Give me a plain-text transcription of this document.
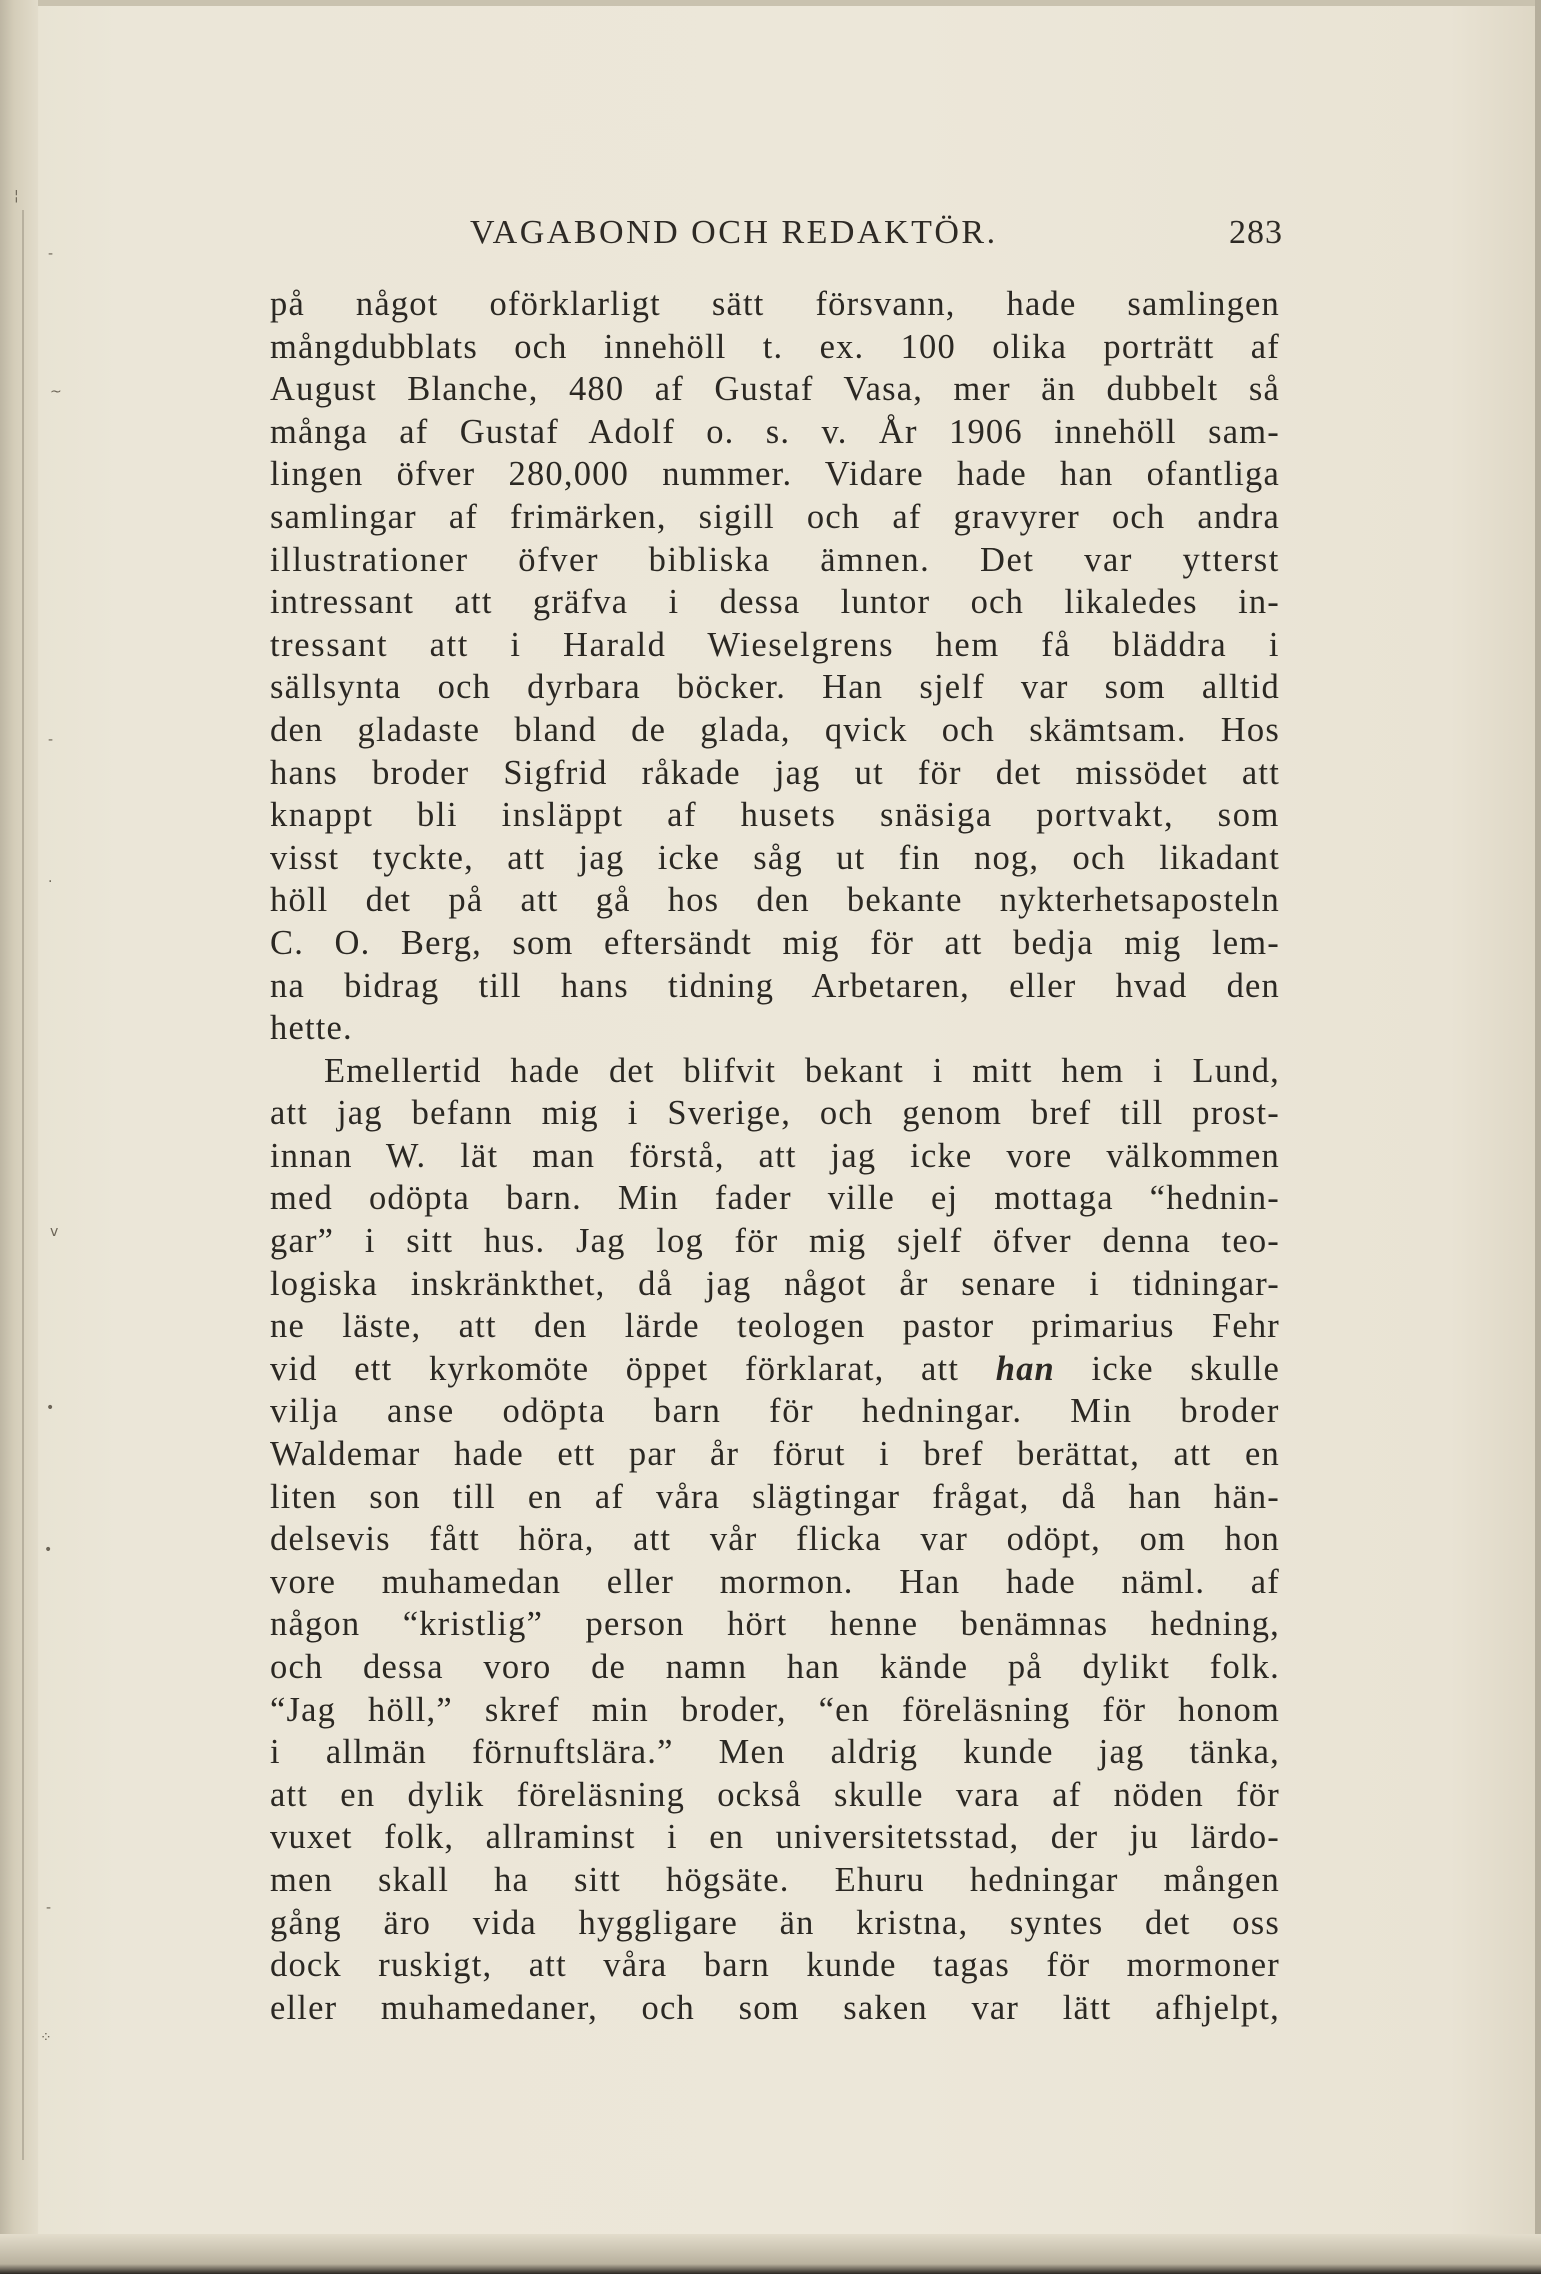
¦
-
~
-
.
v
•
•
-
⁘
VAGABOND OCH REDAKTÖR.	283
på något oförklarligt sätt försvann, hade samlingen
mångdubblats och innehöll t. ex. 100 olika porträtt af
August Blanche, 480 af Gustaf Vasa, mer än dubbelt så
många af Gustaf Adolf o. s. v. År 1906 innehöll sam-
lingen öfver 280,000 nummer. Vidare hade han ofantliga
samlingar af frimärken, sigill och af gravyrer och andra
illustrationer öfver bibliska ämnen. Det var ytterst
intressant att gräfva i dessa luntor och likaledes in-
tressant att i Harald Wieselgrens hem få bläddra i
sällsynta och dyrbara böcker. Han sjelf var som alltid
den gladaste bland de glada, qvick och skämtsam. Hos
hans broder Sigfrid råkade jag ut för det missödet att
knappt bli insläppt af husets snäsiga portvakt, som
visst tyckte, att jag icke såg ut fin nog, och likadant
höll det på att gå hos den bekante nykterhetsaposteln
C. O. Berg, som eftersändt mig för att bedja mig lem-
na bidrag till hans tidning Arbetaren, eller hvad den
hette.
Emellertid hade det blifvit bekant i mitt hem i Lund,
att jag befann mig i Sverige, och genom bref till prost-
innan W. lät man förstå, att jag icke vore välkommen
med odöpta barn. Min fader ville ej mottaga “hednin-
gar” i sitt hus. Jag log för mig sjelf öfver denna teo-
logiska inskränkthet, då jag något år senare i tidningar-
ne läste, att den lärde teologen pastor primarius Fehr
vid ett kyrkomöte öppet förklarat, att han icke skulle
vilja anse odöpta barn för hedningar. Min broder
Waldemar hade ett par år förut i bref berättat, att en
liten son till en af våra slägtingar frågat, då han hän-
delsevis fått höra, att vår flicka var odöpt, om hon
vore muhamedan eller mormon. Han hade näml. af
någon “kristlig” person hört henne benämnas hedning,
och dessa voro de namn han kände på dylikt folk.
“Jag höll,” skref min broder, “en föreläsning för honom
i allmän förnuftslära.” Men aldrig kunde jag tänka,
att en dylik föreläsning också skulle vara af nöden för
vuxet folk, allraminst i en universitetsstad, der ju lärdo-
men skall ha sitt högsäte. Ehuru hedningar mången
gång äro vida hyggligare än kristna, syntes det oss
dock ruskigt, att våra barn kunde tagas för mormoner
eller muhamedaner, och som saken var lätt afhjelpt,
